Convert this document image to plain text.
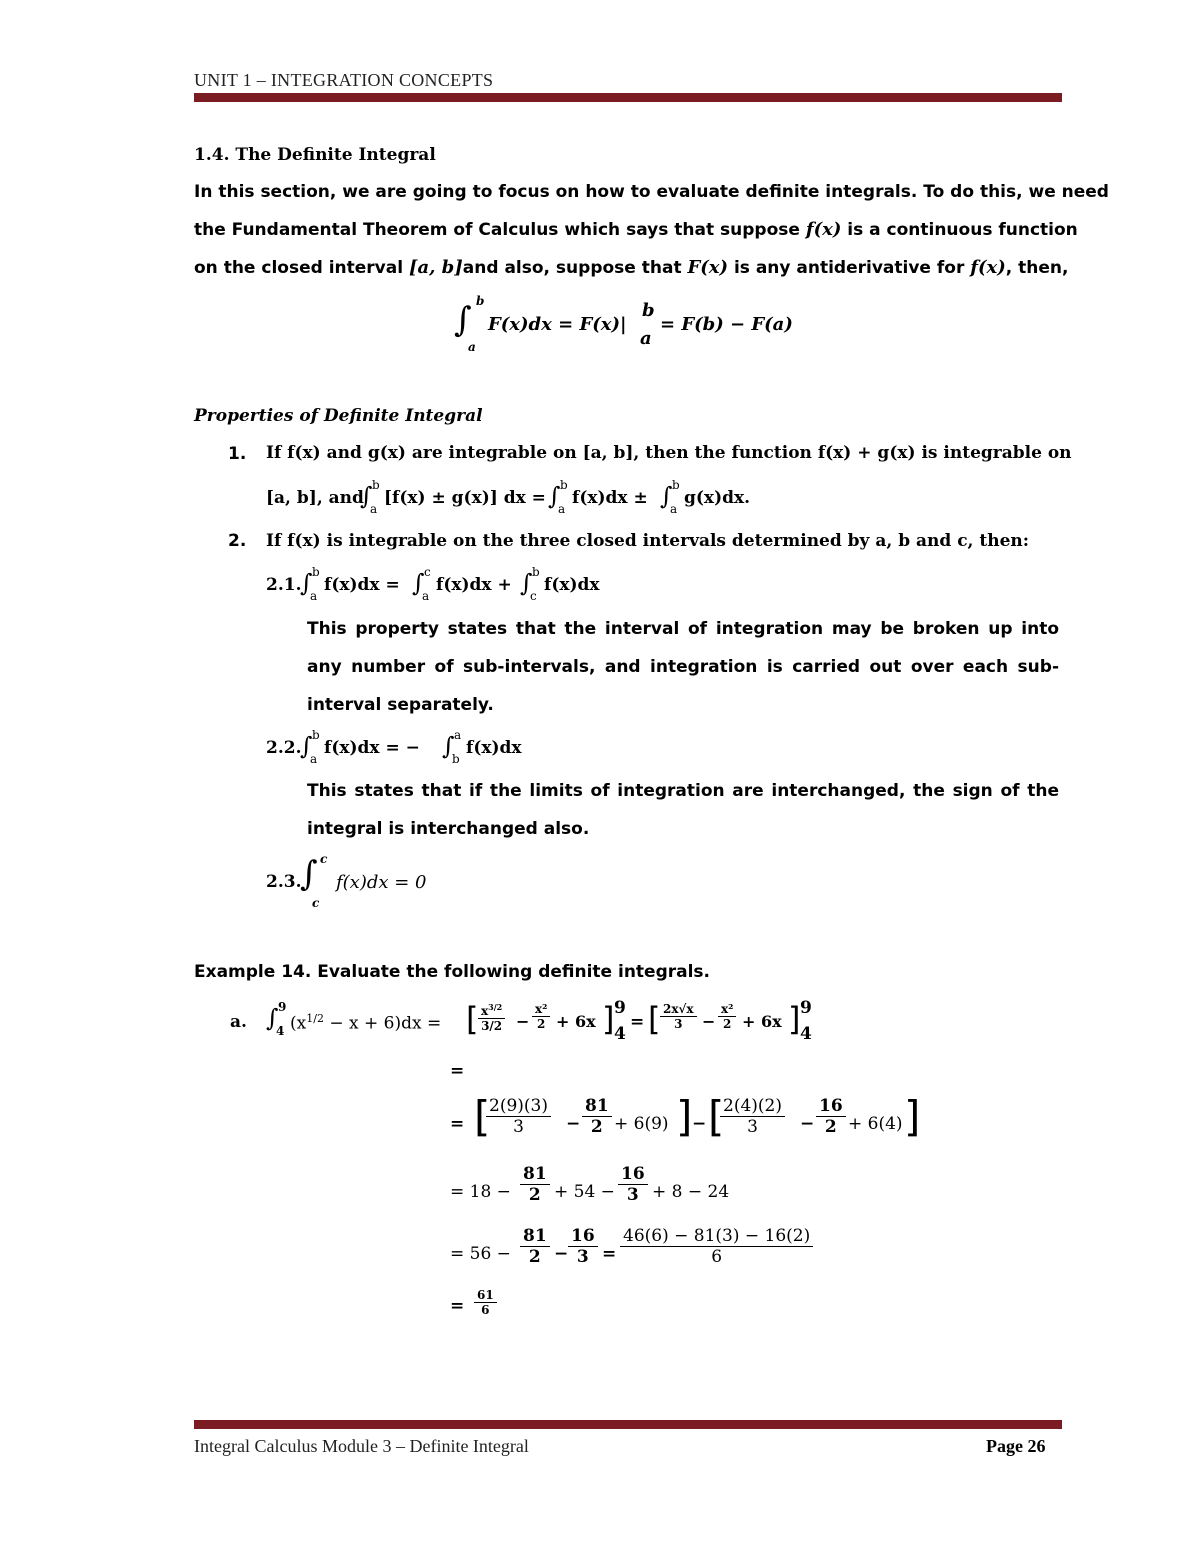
UNIT 1 – INTEGRATION CONCEPTS
1.4. The Definite Integral
In this section, we are going to focus on how to evaluate definite integrals. To do this, we need
the Fundamental Theorem of Calculus which says that suppose f(x) is a continuous function
on the closed interval [a, b]and also, suppose that F(x) is any antiderivative for f(x), then,
∫ b
a
F(x)dx = F(x)|
b
a
= F(b) − F(a)
Properties of Definite Integral
1. If f(x) and g(x) are integrable on [a, b], then the function f(x) + g(x) is integrable on
[a, b], and
∫ b
a
[f(x) ± g(x)] dx = ∫ b
a
f(x)dx ± ∫ b
a
g(x)dx.
2. If f(x) is integrable on the three closed intervals determined by a, b and c, then:
2.1.
∫ b
a
f(x)dx = ∫ c
a
f(x)dx + ∫ b
c
f(x)dx
This property states that the interval of integration may be broken up into any number of sub-intervals, and integration is carried out over each sub-interval separately.
2.2.
∫ b
a
f(x)dx = − ∫ a
b
f(x)dx
This states that if the limits of integration are interchanged, the sign of the integral is interchanged also.
2.3.
∫ c
c
f(x)dx = 0
Example 14. Evaluate the following definite integrals.
a. ∫ 9
4 $(x^{1/2} - x + 6)dx$ = [ $\frac{x^{3/2}}{3/2} - \frac{\text{x²}}{2} + 6x$ ] 9
4
= [ $\frac{2x√x}{3} - \frac{\text{x²}}{2} + 6x$ ] 9
4
=
= [
$\frac{2(9)(3)}{3} - \frac{81}{2} + 6(9)$ ] − [
$\frac{2(4)(2)}{3} - \frac{16}{2} + 6(4)$ ]
= $18 - \frac{81}{2} + 54 - \frac{16}{3} + 8 - 24$
= $56 - \frac{81}{2} - \frac{16}{3} = \frac{46(6) - 81(3) - 16(2)}{6}$
= $\frac{61}{6}$
Integral Calculus Module 3 – Definite Integral	Page 26
